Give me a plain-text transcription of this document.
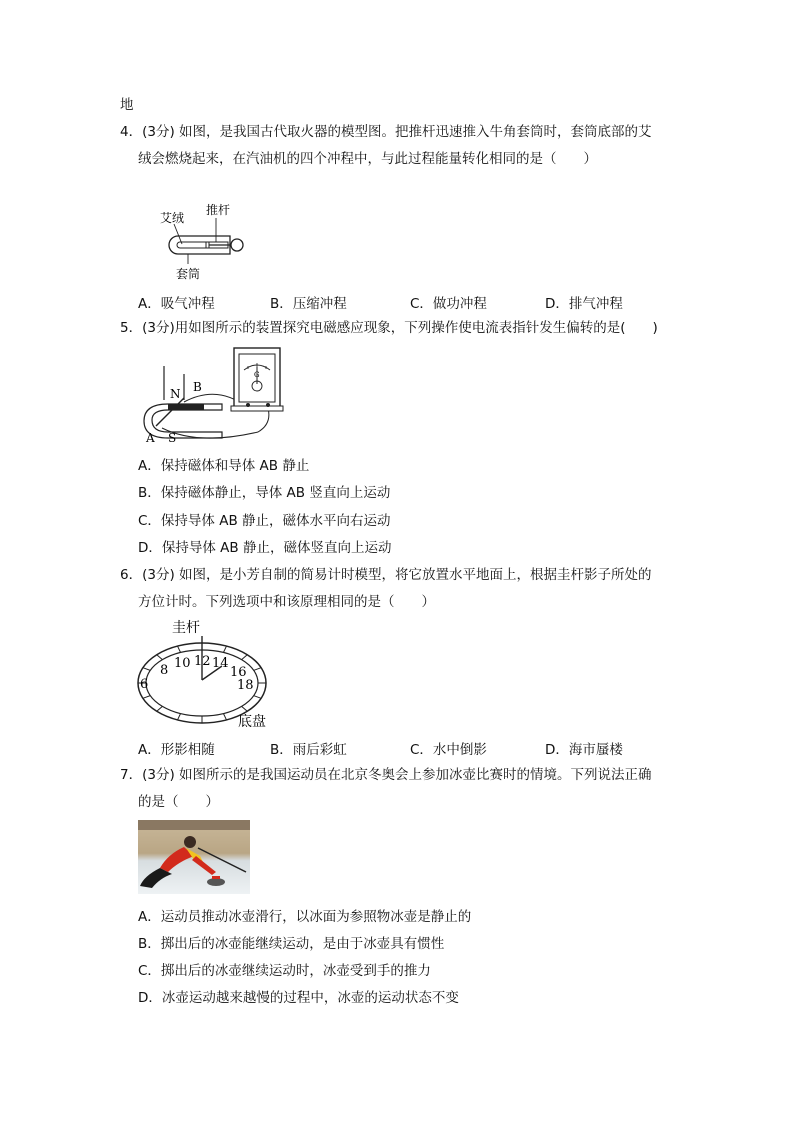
地
4．(3分) 如图，是我国古代取火器的模型图。把推杆迅速推入牛角套筒时，套筒底部的艾
绒会燃烧起来，在汽油机的四个冲程中，与此过程能量转化相同的是（　　）
艾绒
推杆
套筒
A．吸气冲程	B．压缩冲程	C．做功冲程	D．排气冲程
5．(3分)用如图所示的装置探究电磁感应现象，下列操作使电流表指针发生偏转的是(　　)
N B
A S
G
A．保持磁体和导体 AB 静止
B．保持磁体静止，导体 AB 竖直向上运动
C．保持导体 AB 静止，磁体水平向右运动
D．保持导体 AB 静止，磁体竖直向上运动
6．(3分) 如图，是小芳自制的简易计时模型，将它放置水平地面上，根据圭杆影子所处的
方位计时。下列选项中和该原理相同的是（　　）
圭杆
6
8 10 12 14
16
18
底盘
A．形影相随	B．雨后彩虹	C．水中倒影	D．海市蜃楼
7．(3分) 如图所示的是我国运动员在北京冬奥会上参加冰壶比赛时的情境。下列说法正确
的是（　　）
A．运动员推动冰壶滑行，以冰面为参照物冰壶是静止的
B．掷出后的冰壶能继续运动，是由于冰壶具有惯性
C．掷出后的冰壶继续运动时，冰壶受到手的推力
D．冰壶运动越来越慢的过程中，冰壶的运动状态不变
